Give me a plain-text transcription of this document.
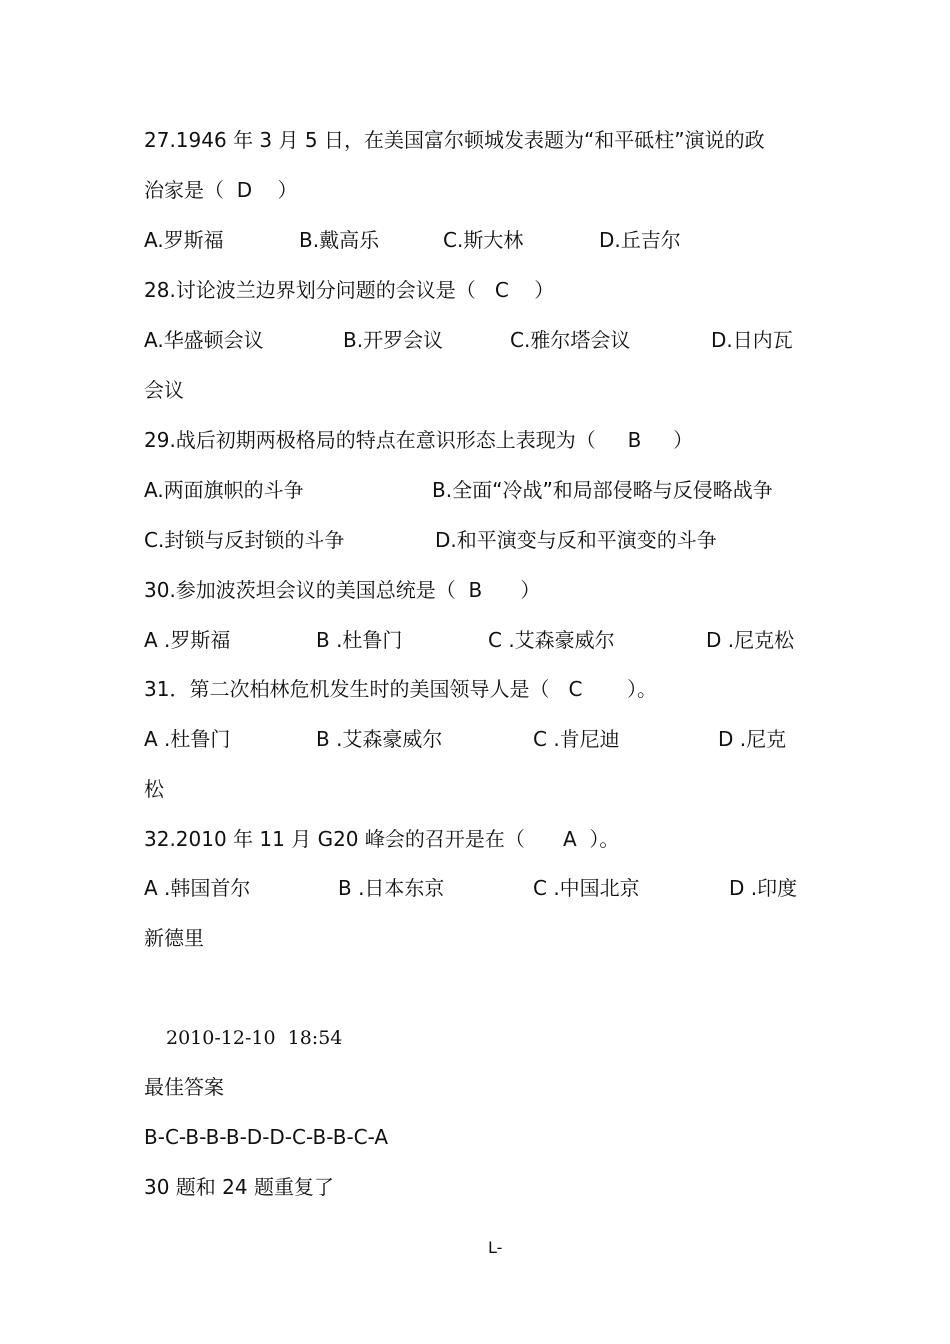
27.1946 年 3 月 5 日，在美国富尔顿城发表题为“和平砥柱”演说的政
治家是（  D    ）
A.罗斯福	B.戴高乐	C.斯大林	D.丘吉尔
28.讨论波兰边界划分问题的会议是（   C    ）
A.华盛顿会议	B.开罗会议	C.雅尔塔会议	D.日内瓦
会议
29.战后初期两极格局的特点在意识形态上表现为（     B     ）
A.两面旗帜的斗争	B.全面“冷战”和局部侵略与反侵略战争
C.封锁与反封锁的斗争	D.和平演变与反和平演变的斗争
30.参加波茨坦会议的美国总统是（  B      ）
A .罗斯福	B .杜鲁门	C .艾森豪威尔	D .尼克松
31．第二次柏林危机发生时的美国领导人是（   C       ）。
A .杜鲁门	B .艾森豪威尔	C .肯尼迪	D .尼克
松
32.2010 年 11 月 G20 峰会的召开是在（      A  ）。
A .韩国首尔	B .日本东京	C .中国北京	D .印度
新德里
2010-12-10  18:54
最佳答案
B-C-B-B-B-D-D-C-B-B-C-A
30 题和 24 题重复了
L-
